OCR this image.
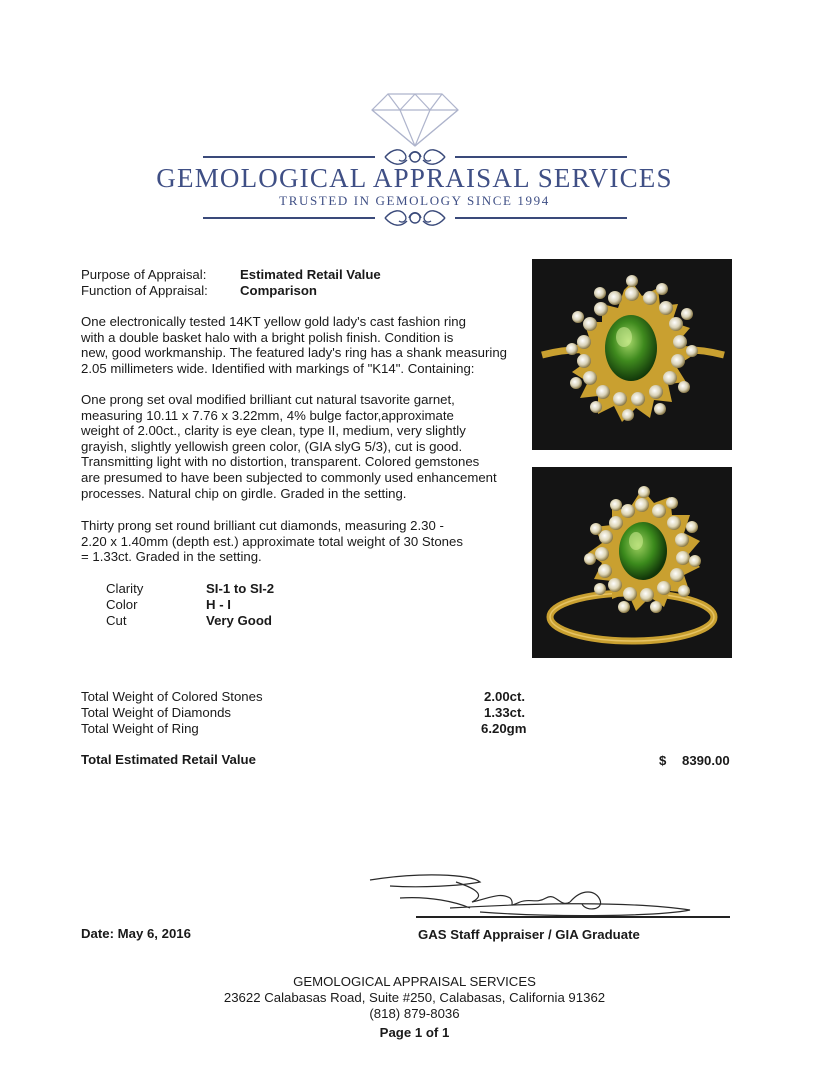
GEMOLOGICAL APPRAISAL SERVICES
TRUSTED IN GEMOLOGY SINCE 1994
Purpose of Appraisal:	Estimated Retail Value
Function of Appraisal: Comparison
One electronically tested 14KT yellow gold lady's cast fashion ring
with a double basket halo with a bright polish finish. Condition is
new, good workmanship. The featured lady's ring has a shank measuring
2.05 millimeters wide. Identified with markings of "K14". Containing:
One prong set oval modified brilliant cut natural tsavorite garnet,
measuring 10.11 x 7.76 x 3.22mm, 4% bulge factor,approximate
weight of 2.00ct., clarity is eye clean, type II, medium, very slightly
grayish, slightly yellowish green color, (GIA slyG 5/3), cut is good.
Transmitting light with no distortion, transparent. Colored gemstones
are presumed to have been subjected to commonly used enhancement
processes. Natural chip on girdle. Graded in the setting.
Thirty prong set round brilliant cut diamonds, measuring 2.30 -
2.20 x 1.40mm (depth est.) approximate total weight of 30 Stones
= 1.33ct. Graded in the setting.
Clarity	SI-1 to SI-2
Color	H - I
Cut	Very Good
Total Weight of Colored Stones	2.00ct.
Total Weight of Diamonds	1.33ct.
Total Weight of Ring	6.20gm
Total Estimated Retail Value	$ 8390.00
Date: May 6, 2016	GAS Staff Appraiser / GIA Graduate
GEMOLOGICAL APPRAISAL SERVICES
23622 Calabasas Road, Suite #250, Calabasas, California 91362
(818) 879-8036
Page 1 of 1
